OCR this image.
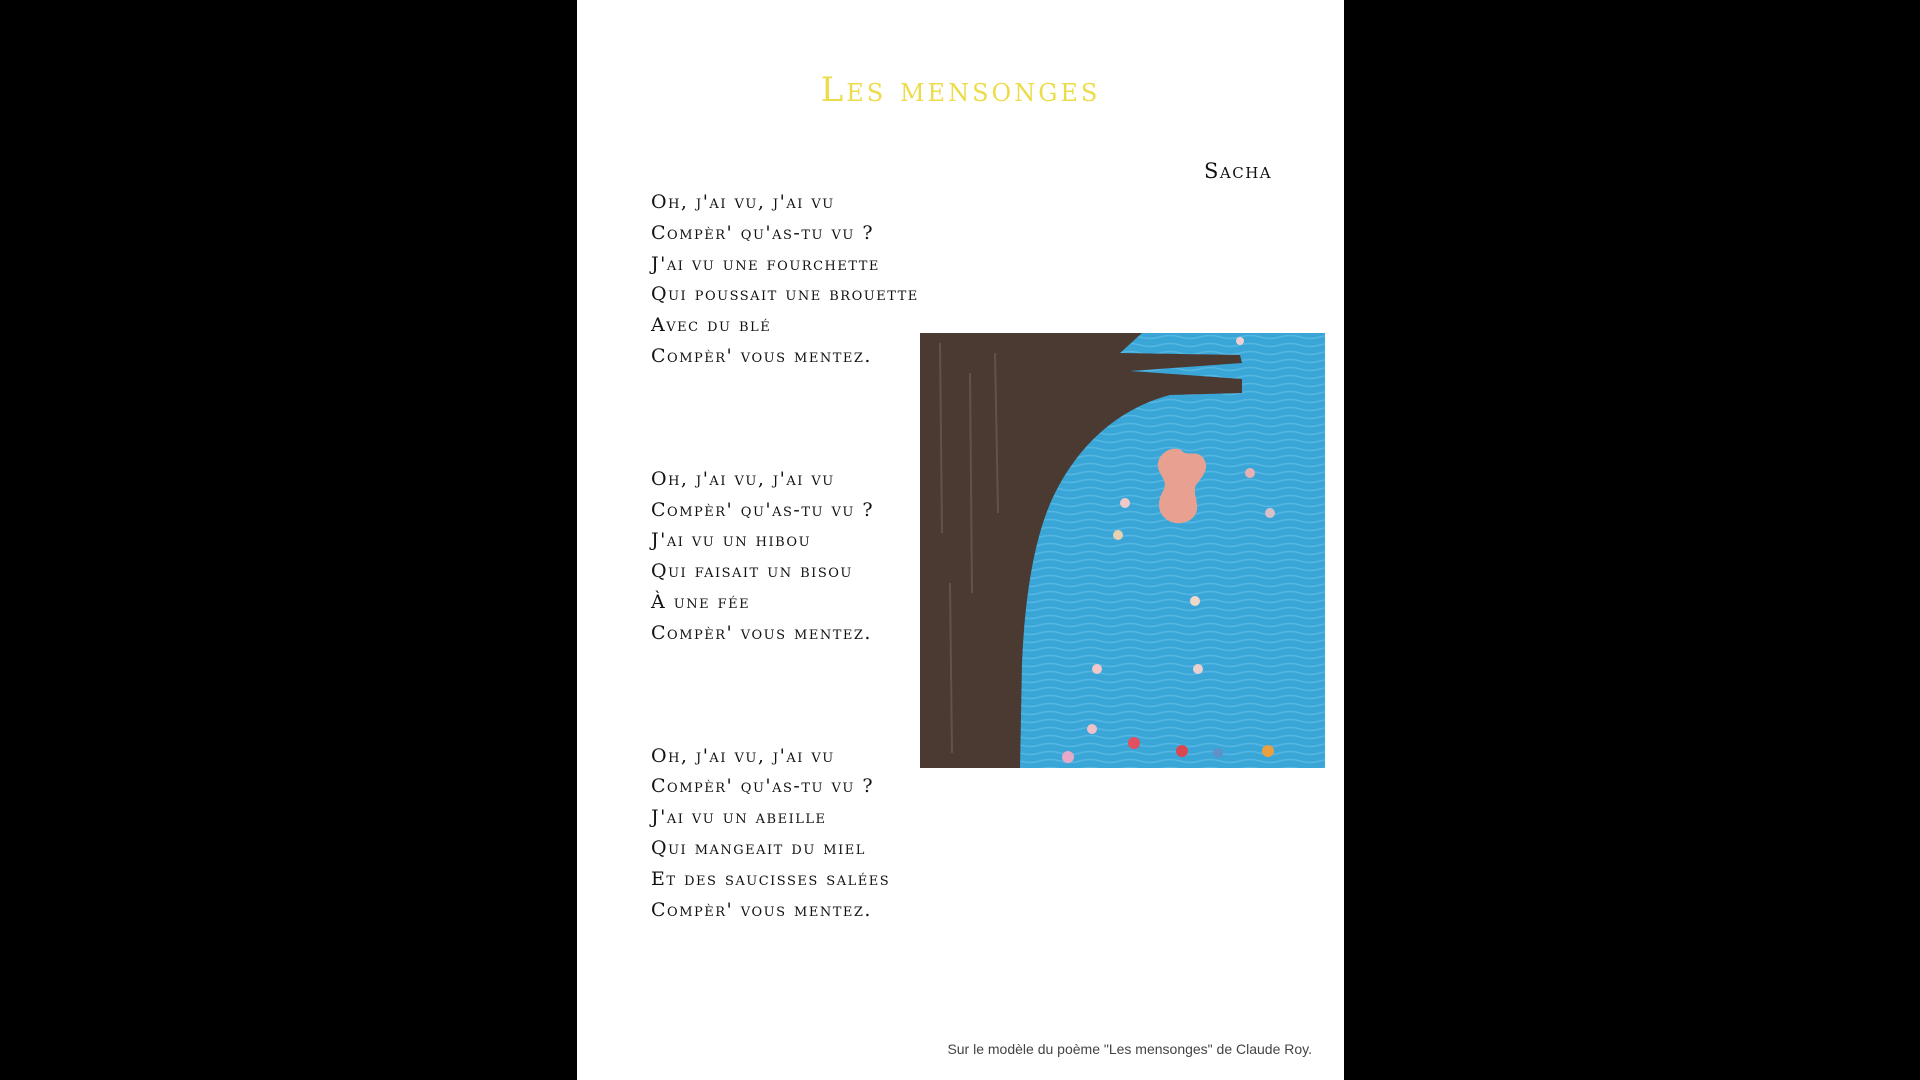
Les mensonges
Sacha
Oh, j'ai vu, j'ai vu
Compèr' qu'as-tu vu ?
J'ai vu une fourchette
Qui poussait une brouette
Avec du blé
Compèr' vous mentez.
Oh, j'ai vu, j'ai vu
Compèr' qu'as-tu vu ?
J'ai vu un hibou
Qui faisait un bisou
À une fée
Compèr' vous mentez.
Oh, j'ai vu, j'ai vu
Compèr' qu'as-tu vu ?
J'ai vu un abeille
Qui mangeait du miel
Et des saucisses salées
Compèr' vous mentez.
Sur le modèle du poème "Les mensonges" de Claude Roy.
